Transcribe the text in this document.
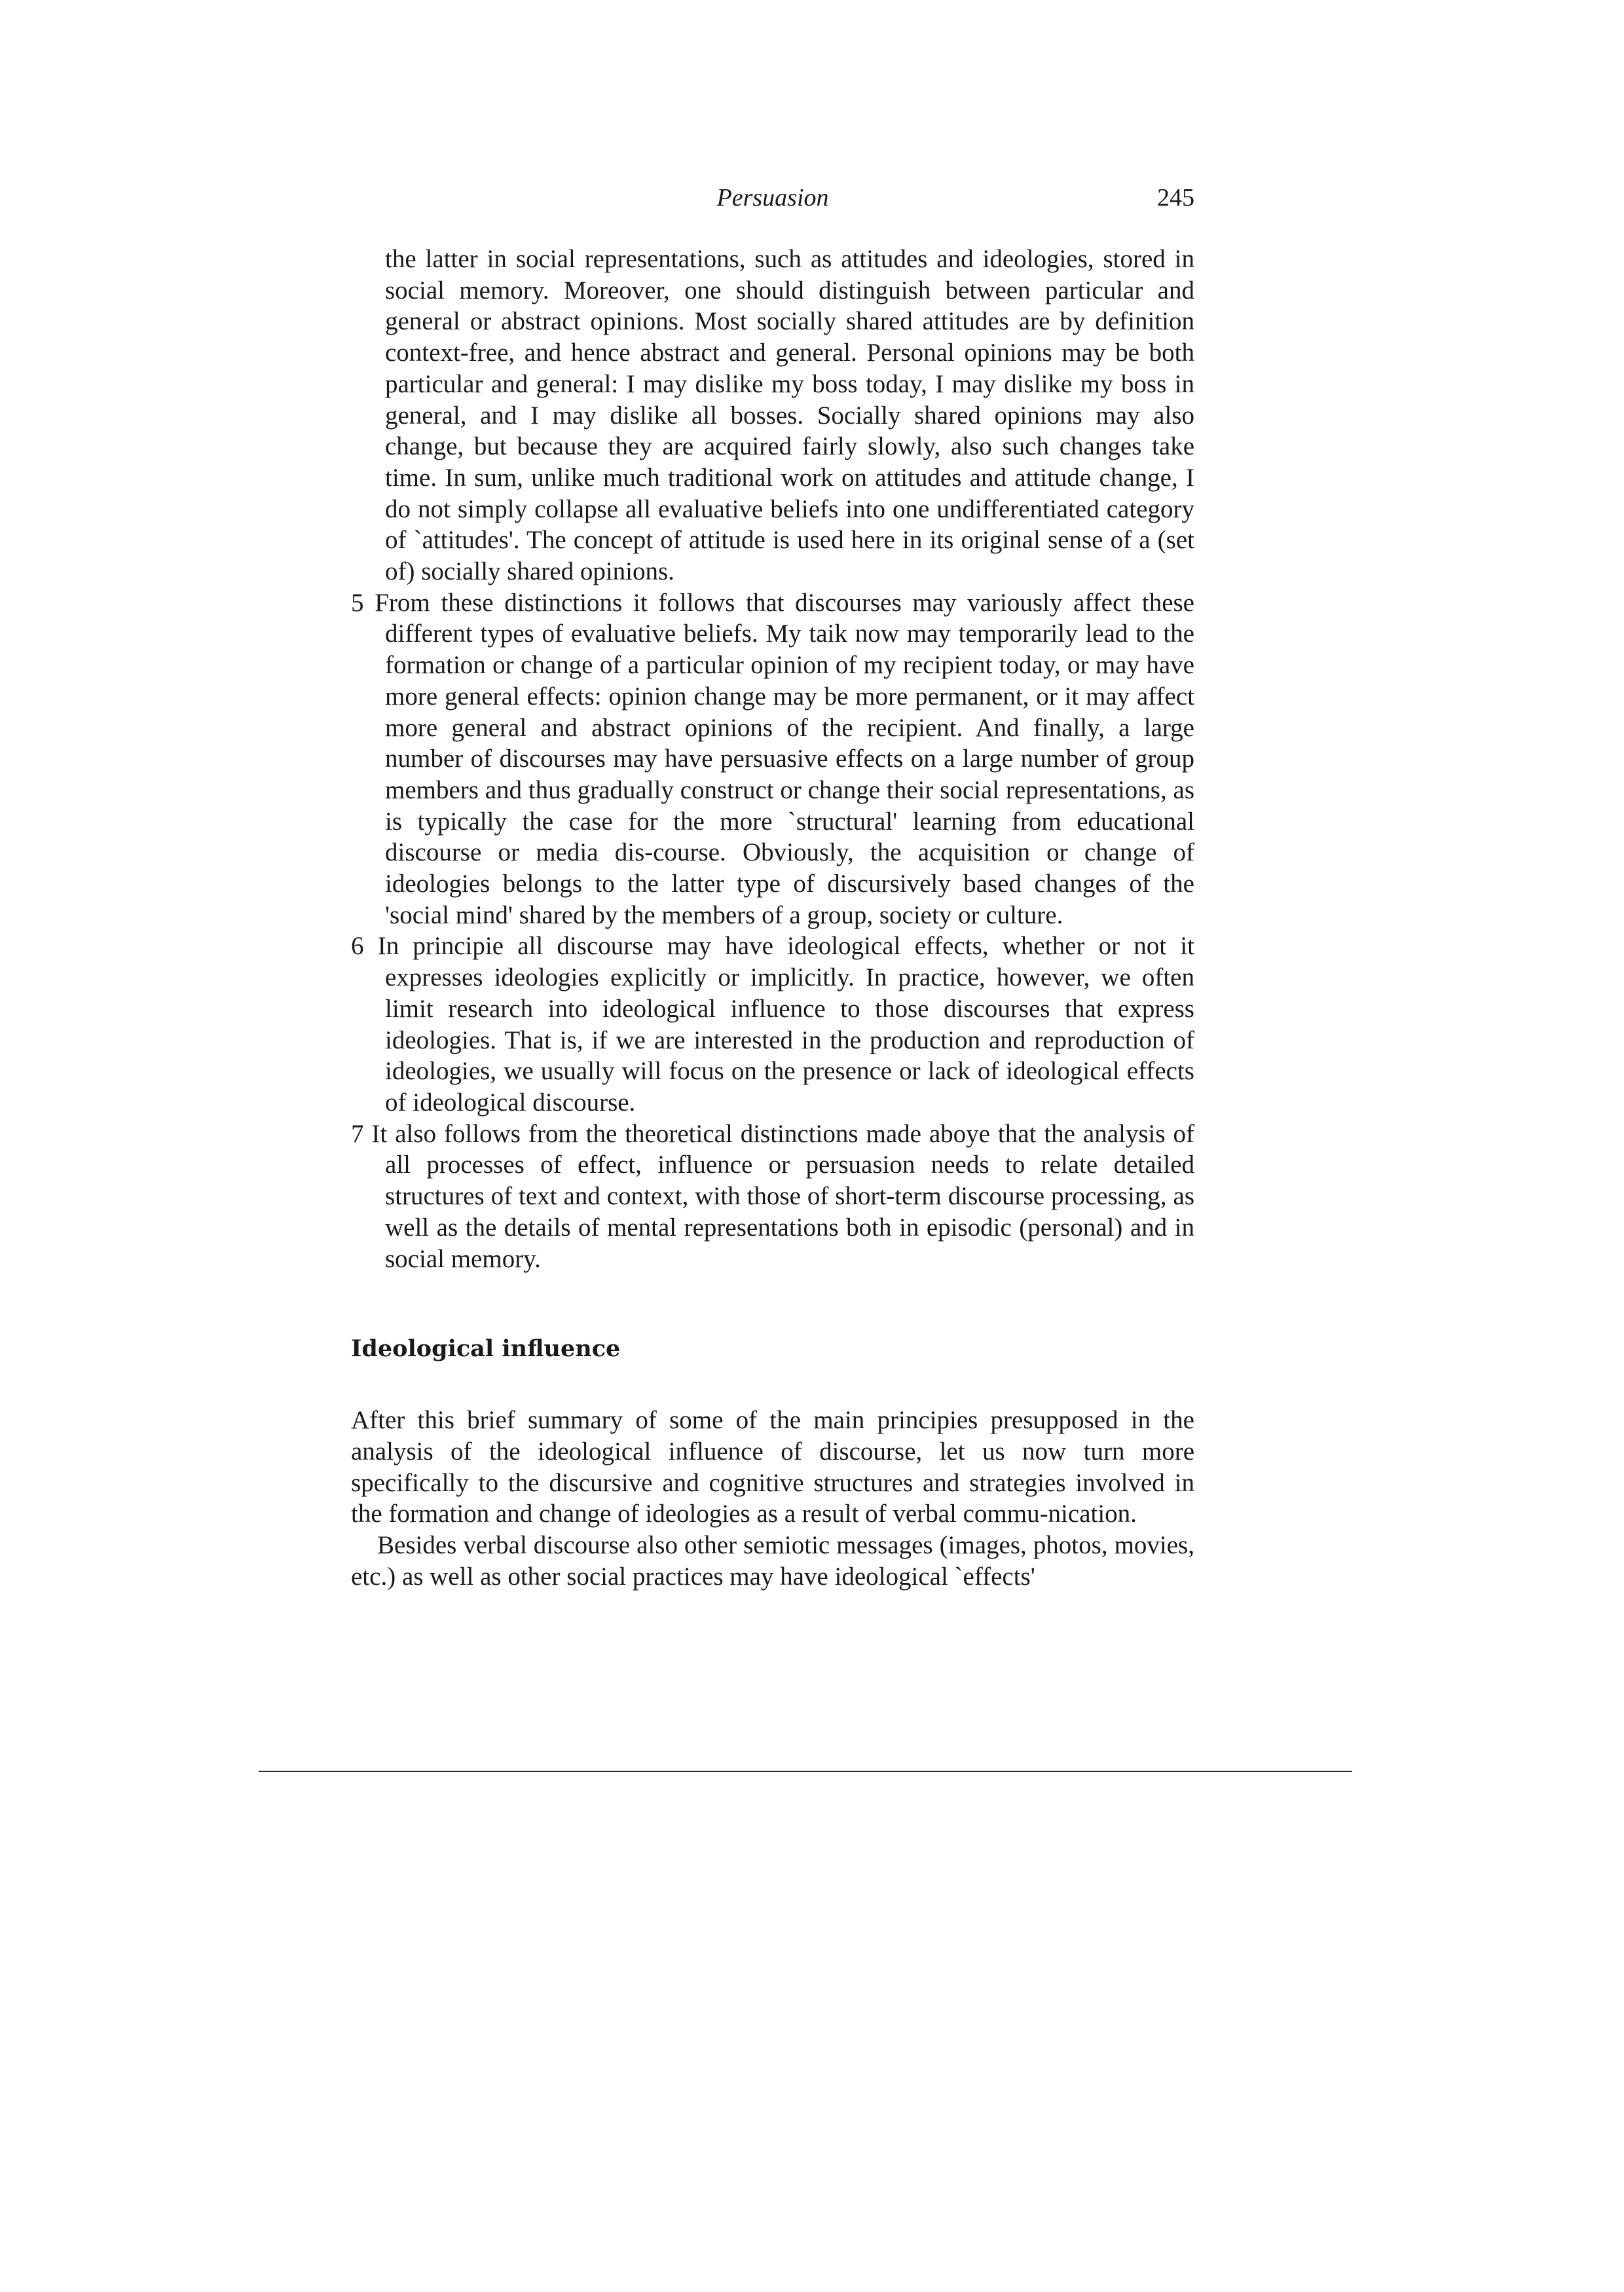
Persuasion	245

the latter in social representations, such as attitudes and ideologies, stored in social memory. Moreover, one should distinguish between particular and general or abstract opinions. Most socially shared attitudes are by definition context-free, and hence abstract and general. Personal opinions may be both particular and general: I may dislike my boss today, I may dislike my boss in general, and I may dislike all bosses. Socially shared opinions may also change, but because they are acquired fairly slowly, also such changes take time. In sum, unlike much traditional work on attitudes and attitude change, I do not simply collapse all evaluative beliefs into one undifferentiated category of `attitudes'. The concept of attitude is used here in its original sense of a (set of) socially shared opinions.

5 From these distinctions it follows that discourses may variously affect these different types of evaluative beliefs. My taik now may temporarily lead to the formation or change of a particular opinion of my recipient today, or may have more general effects: opinion change may be more permanent, or it may affect more general and abstract opinions of the recipient. And finally, a large number of discourses may have persuasive effects on a large number of group members and thus gradually construct or change their social representations, as is typically the case for the more `structural' learning from educational discourse or media dis-course. Obviously, the acquisition or change of ideologies belongs to the latter type of discursively based changes of the 'social mind' shared by the members of a group, society or culture.

6 In principie all discourse may have ideological effects, whether or not it expresses ideologies explicitly or implicitly. In practice, however, we often limit research into ideological influence to those discourses that express ideologies. That is, if we are interested in the production and reproduction of ideologies, we usually will focus on the presence or lack of ideological effects of ideological discourse.

7 It also follows from the theoretical distinctions made aboye that the analysis of all processes of effect, influence or persuasion needs to relate detailed structures of text and context, with those of short-term discourse processing, as well as the details of mental representations both in episodic (personal) and in social memory.

Ideological influence

After this brief summary of some of the main principies presupposed in the analysis of the ideological influence of discourse, let us now turn more specifically to the discursive and cognitive structures and strategies involved in the formation and change of ideologies as a result of verbal commu-nication.

Besides verbal discourse also other semiotic messages (images, photos, movies, etc.) as well as other social practices may have ideological `effects'
